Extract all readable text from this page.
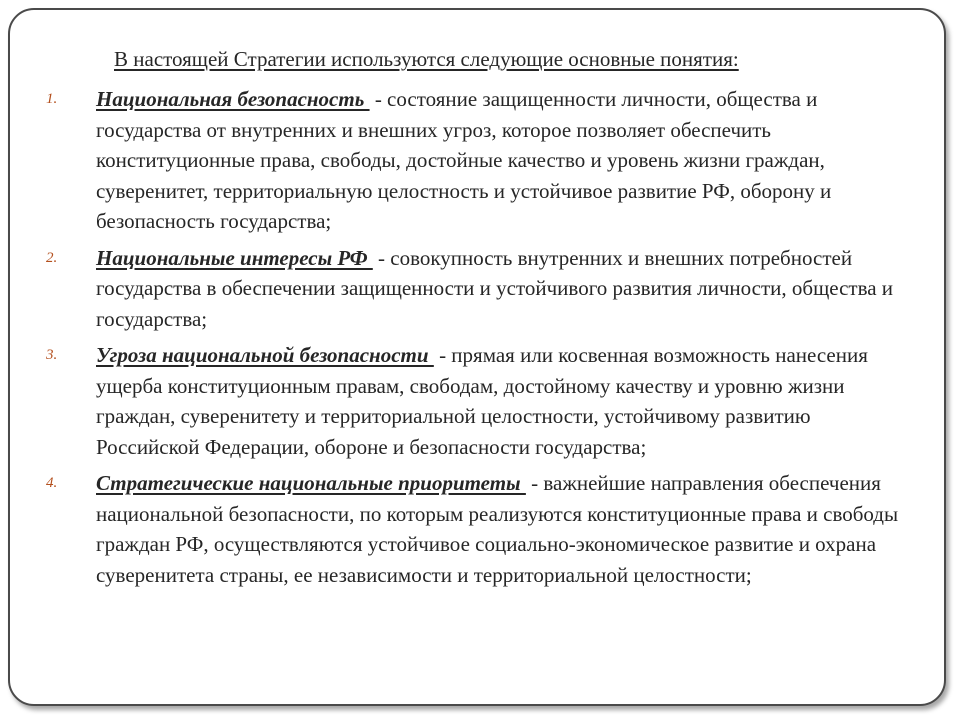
В настоящей Стратегии используются следующие основные понятия:
1. Национальная безопасность  - состояние защищенности личности, общества и государства от внутренних и внешних угроз, которое позволяет обеспечить конституционные права, свободы, достойные качество и уровень жизни граждан, суверенитет, территориальную целостность и устойчивое развитие РФ, оборону и безопасность государства;
2. Национальные интересы РФ  - совокупность внутренних и внешних потребностей государства в обеспечении защищенности и устойчивого развития личности, общества и государства;
3. Угроза национальной безопасности  - прямая или косвенная возможность нанесения ущерба конституционным правам, свободам, достойному качеству и уровню жизни граждан, суверенитету и территориальной целостности, устойчивому развитию Российской Федерации, обороне и безопасности государства;
4. Стратегические национальные приоритеты  - важнейшие направления обеспечения национальной безопасности, по которым реализуются конституционные права и свободы граждан РФ, осуществляются устойчивое социально-экономическое развитие и охрана суверенитета страны, ее независимости и территориальной целостности;
